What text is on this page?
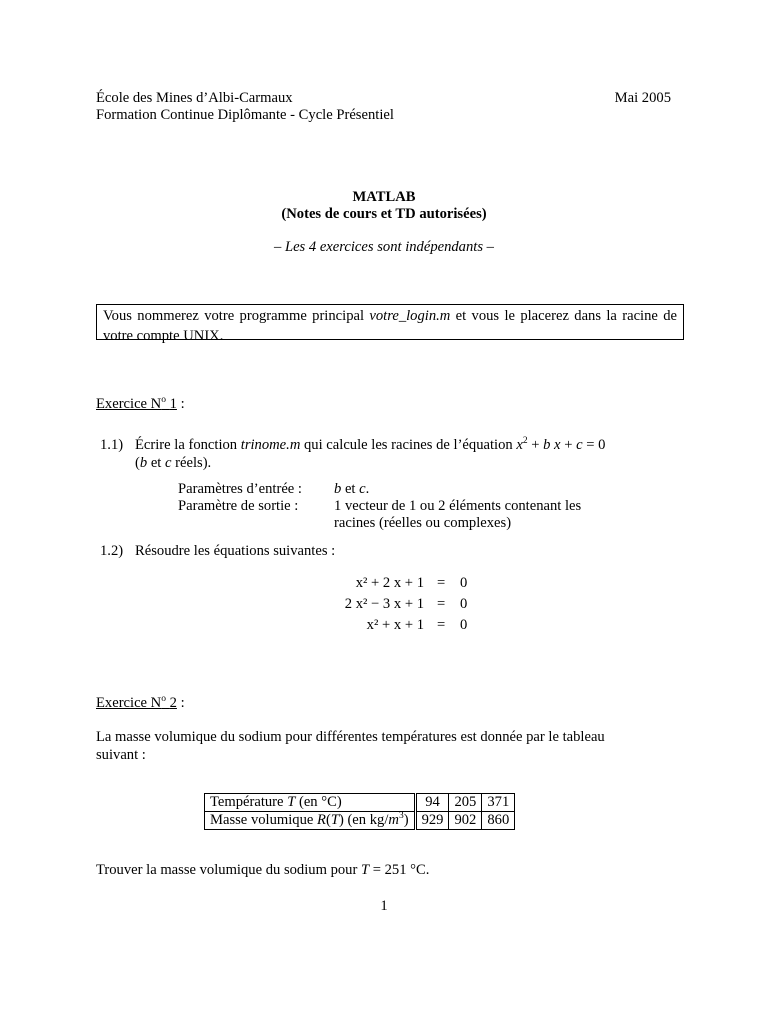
École des Mines d’Albi-Carmaux
Formation Continue Diplômante - Cycle Présentiel
Mai 2005
MATLAB
(Notes de cours et TD autorisées)
– Les 4 exercices sont indépendants –
Vous nommerez votre programme principal votre_login.m et vous le placerez dans la racine de votre compte UNIX.
Exercice $N^o$ 1 :
1.1) Écrire la fonction trinome.m qui calcule les racines de l’équation $x^2 + b$ x + c = 0
(b et c réels).
Paramètres d’entrée : b et c.
Paramètre de sortie : 1 vecteur de 1 ou 2 éléments contenant les
racines (réelles ou complexes)
1.2) Résoudre les équations suivantes :
x² + 2 x + 1 = 0
2 x² − 3 x + 1 = 0
x² + x + 1 = 0
Exercice $N^o$ 2 :
La masse volumique du sodium pour différentes températures est donnée par le tableau
suivant :
Température T (en °C)	94	205	371
Masse volumique R(T) (en $kg/m^3$)	929	902	860
Trouver la masse volumique du sodium pour T = 251 °C.
1
